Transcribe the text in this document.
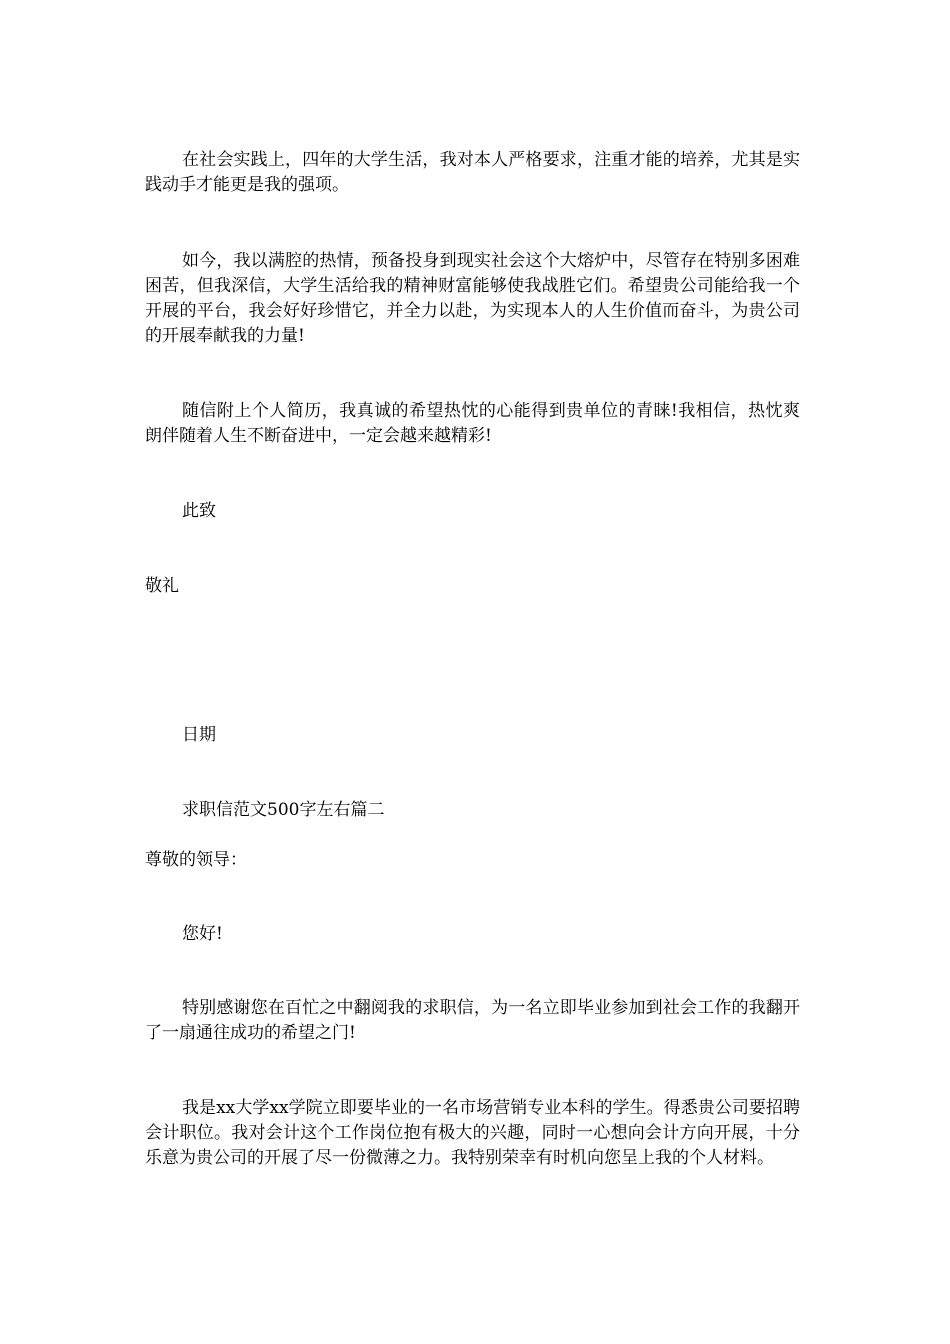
在社会实践上，四年的大学生活，我对本人严格要求，注重才能的培养，尤其是实践动手才能更是我的强项。

如今，我以满腔的热情，预备投身到现实社会这个大熔炉中，尽管存在特别多困难困苦，但我深信，大学生活给我的精神财富能够使我战胜它们。希望贵公司能给我一个开展的平台，我会好好珍惜它，并全力以赴，为实现本人的人生价值而奋斗，为贵公司的开展奉献我的力量!

随信附上个人简历，我真诚的希望热忱的心能得到贵单位的青睐!我相信，热忱爽朗伴随着人生不断奋进中，一定会越来越精彩!

此致

敬礼

日期

求职信范文500字左右篇二

尊敬的领导：

您好!

特别感谢您在百忙之中翻阅我的求职信，为一名立即毕业参加到社会工作的我翻开了一扇通往成功的希望之门!

我是xx大学xx学院立即要毕业的一名市场营销专业本科的学生。得悉贵公司要招聘会计职位。我对会计这个工作岗位抱有极大的兴趣，同时一心想向会计方向开展，十分乐意为贵公司的开展了尽一份微薄之力。我特别荣幸有时机向您呈上我的个人材料。
